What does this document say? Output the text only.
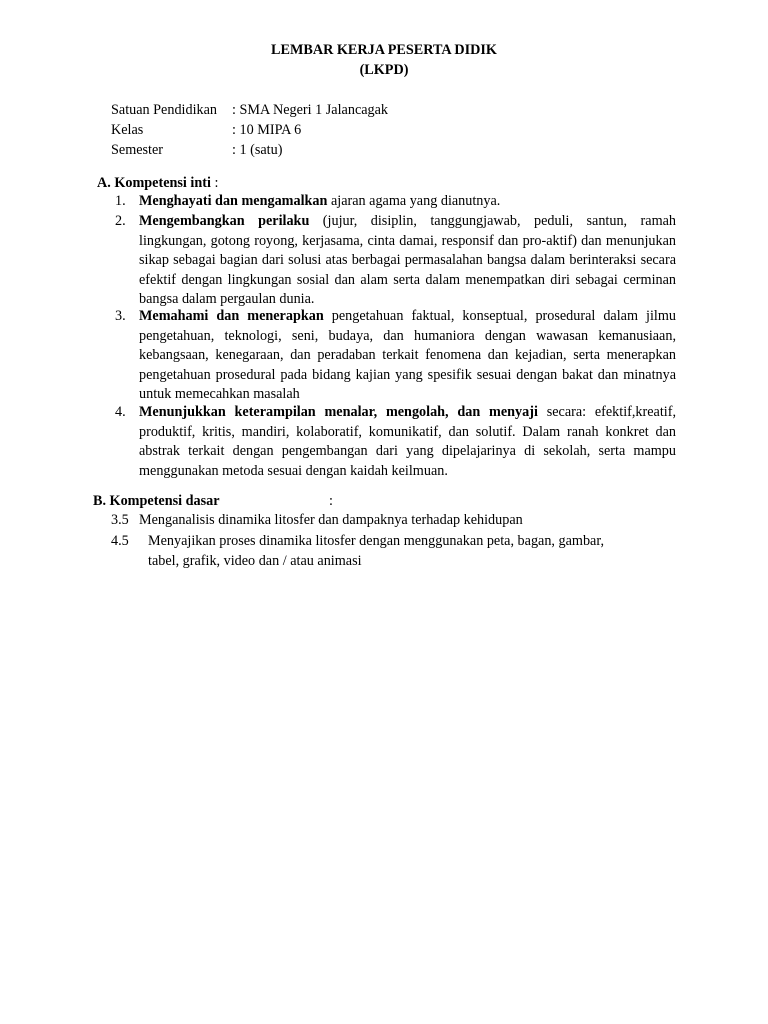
LEMBAR KERJA PESERTA DIDIK
(LKPD)
Satuan Pendidikan : SMA Negeri 1 Jalancagak
Kelas	: 10 MIPA 6
Semester	: 1 (satu)
A. Kompetensi inti :
1. Menghayati dan mengamalkan ajaran agama yang dianutnya.
2. Mengembangkan perilaku (jujur, disiplin, tanggungjawab, peduli, santun, ramah lingkungan, gotong royong, kerjasama, cinta damai, responsif dan pro-aktif) dan menunjukan sikap sebagai bagian dari solusi atas berbagai permasalahan bangsa dalam berinteraksi secara efektif dengan lingkungan sosial dan alam serta dalam menempatkan diri sebagai cerminan bangsa dalam pergaulan dunia.
3. Memahami dan menerapkan pengetahuan faktual, konseptual, prosedural dalam jilmu pengetahuan, teknologi, seni, budaya, dan humaniora dengan wawasan kemanusiaan, kebangsaan, kenegaraan, dan peradaban terkait fenomena dan kejadian, serta menerapkan pengetahuan prosedural pada bidang kajian yang spesifik sesuai dengan bakat dan minatnya untuk memecahkan masalah
4. Menunjukkan keterampilan menalar, mengolah, dan menyaji secara: efektif,kreatif, produktif, kritis, mandiri, kolaboratif, komunikatif, dan solutif. Dalam ranah konkret dan abstrak terkait dengan pengembangan dari yang dipelajarinya di sekolah, serta mampu menggunakan metoda sesuai dengan kaidah keilmuan.
B. Kompetensi dasar	:
3.5 Menganalisis dinamika litosfer dan dampaknya terhadap kehidupan
4.5 Menyajikan proses dinamika litosfer dengan menggunakan peta, bagan, gambar,
tabel, grafik, video dan / atau animasi
